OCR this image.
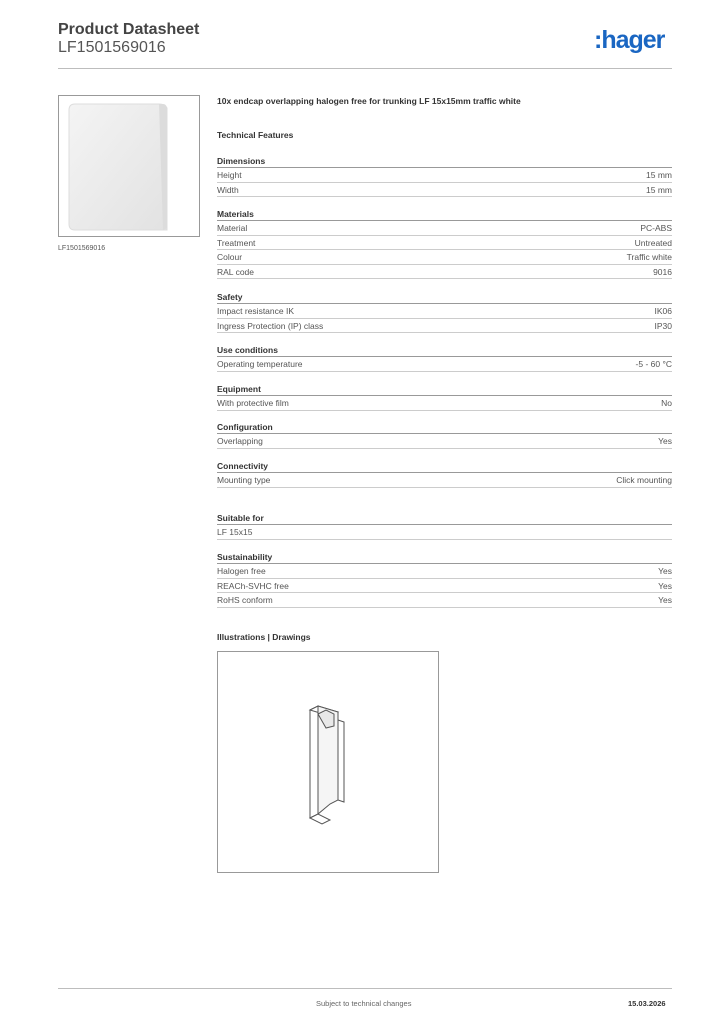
Product Datasheet
LF1501569016	:hager
LF1501569016
10x endcap overlapping halogen free for trunking LF 15x15mm traffic white
Technical Features
Dimensions
Height	15 mm
Width	15 mm
Materials
Material	PC-ABS
Treatment	Untreated
Colour	Traffic white
RAL code	9016
Safety
Impact resistance IK	IK06
Ingress Protection (IP) class	IP30
Use conditions
Operating temperature	-5 - 60 °C
Equipment
With protective film	No
Configuration
Overlapping	Yes
Connectivity
Mounting type	Click mounting
Suitable for
LF 15x15
Sustainability
Halogen free	Yes
REACh-SVHC free	Yes
RoHS conform	Yes
Illustrations | Drawings
Subject to technical changes	15.03.2026
